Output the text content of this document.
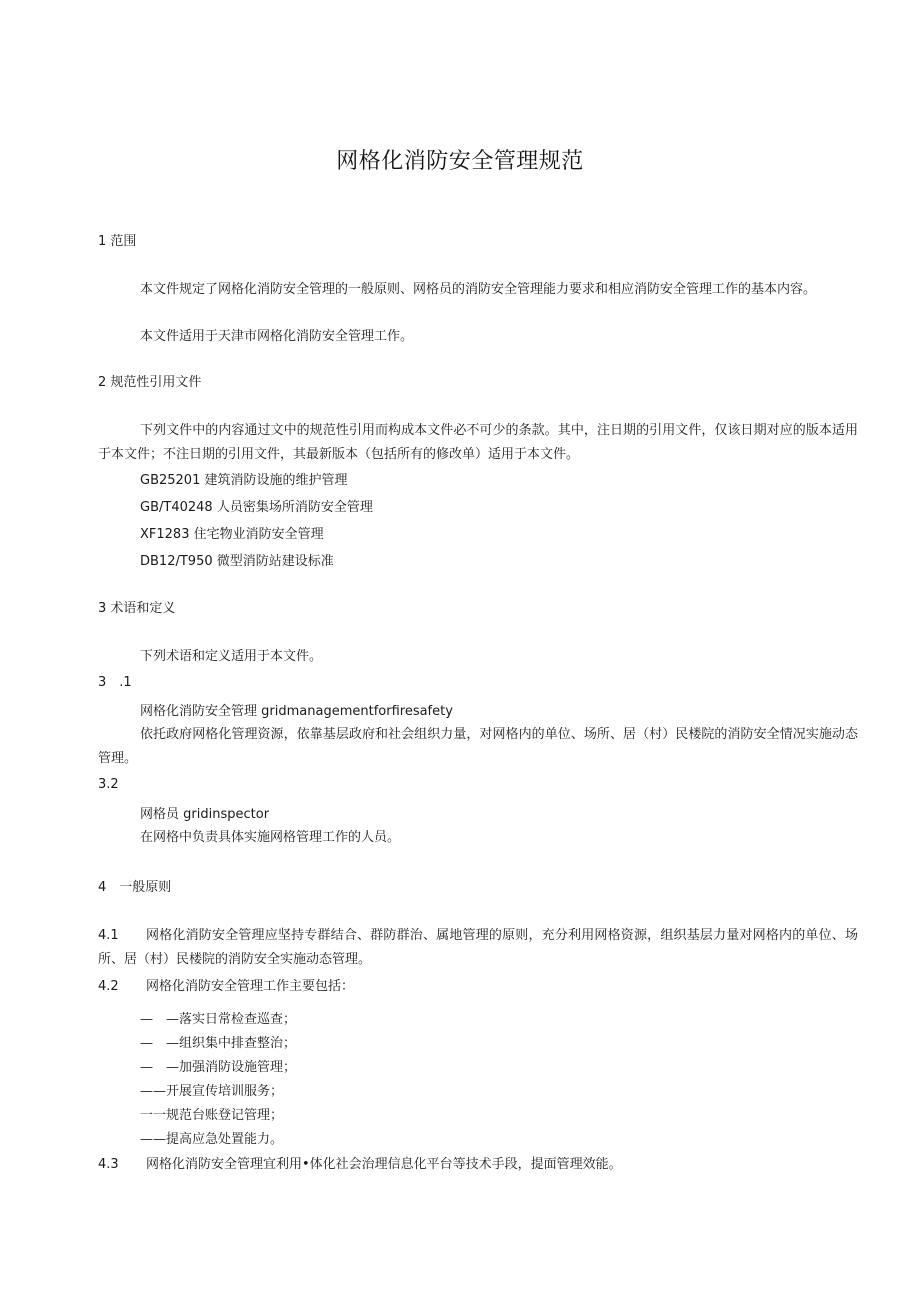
网格化消防安全管理规范
1 范围
本文件规定了网格化消防安全管理的一般原则、网格员的消防安全管理能力要求和相应消防安全管理工作的基本内容。
本文件适用于天津市网格化消防安全管理工作。
2 规范性引用文件
下列文件中的内容通过文中的规范性引用而构成本文件必不可少的条款。其中，注日期的引用文件，仅该日期对应的版本适用于本文件；不注日期的引用文件，其最新版本（包括所有的修改单）适用于本文件。
GB25201 建筑消防设施的维护管理
GB/T40248 人员密集场所消防安全管理
XF1283 住宅物业消防安全管理
DB12/T950 微型消防站建设标准
3 术语和定义
下列术语和定义适用于本文件。
3　.1
网格化消防安全管理 gridmanagementforfiresafety
依托政府网格化管理资源，依靠基层政府和社会组织力量，对网格内的单位、场所、居（村）民楼院的消防安全情况实施动态管理。
3.2
网格员 gridinspector
在网格中负责具体实施网格管理工作的人员。
4　一般原则
4.1	网格化消防安全管理应坚持专群结合、群防群治、属地管理的原则，充分利用网格资源，组织基层力量对网格内的单位、场所、居（村）民楼院的消防安全实施动态管理。
4.2 网格化消防安全管理工作主要包括：
—　—落实日常检查巡查；
—　—组织集中排查整治；
—　—加强消防设施管理；
——开展宣传培训服务；
一一规范台账登记管理；
——提高应急处置能力。
4.3 网格化消防安全管理宜利用•体化社会治理信息化平台等技术手段，提面管理效能。
